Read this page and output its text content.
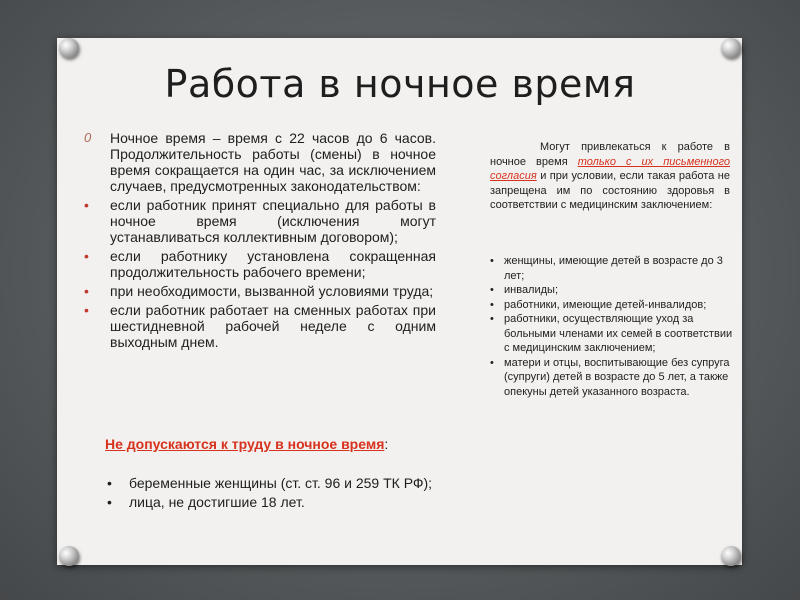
Работа в ночное время
0 Ночное время – время с 22 часов до 6 часов. Продолжительность работы (смены) в ночное время сокращается на один час, за исключением случаев, предусмотренных законодательством:
• если работник принят специально для работы в ночное время (исключения могут устанавливаться коллективным договором);
• если работнику установлена сокращенная продолжительность рабочего времени;
• при необходимости, вызванной условиями труда;
• если работник работает на сменных работах при шестидневной рабочей неделе с одним выходным днем.
Не допускаются к труду в ночное время:
• беременные женщины (ст. ст. 96 и 259 ТК РФ);
• лица, не достигшие 18 лет.
Могут привлекаться к работе в ночное время только с их письменного согласия и при условии, если такая работа не запрещена им по состоянию здоровья в соответствии с медицинским заключением:
• женщины, имеющие детей в возрасте до 3 лет;
• инвалиды;
• работники, имеющие детей-инвалидов;
• работники, осуществляющие уход за больными членами их семей в соответствии с медицинским заключением;
• матери и отцы, воспитывающие без супруга (супруги) детей в возрасте до 5 лет, а также опекуны детей указанного возраста.
